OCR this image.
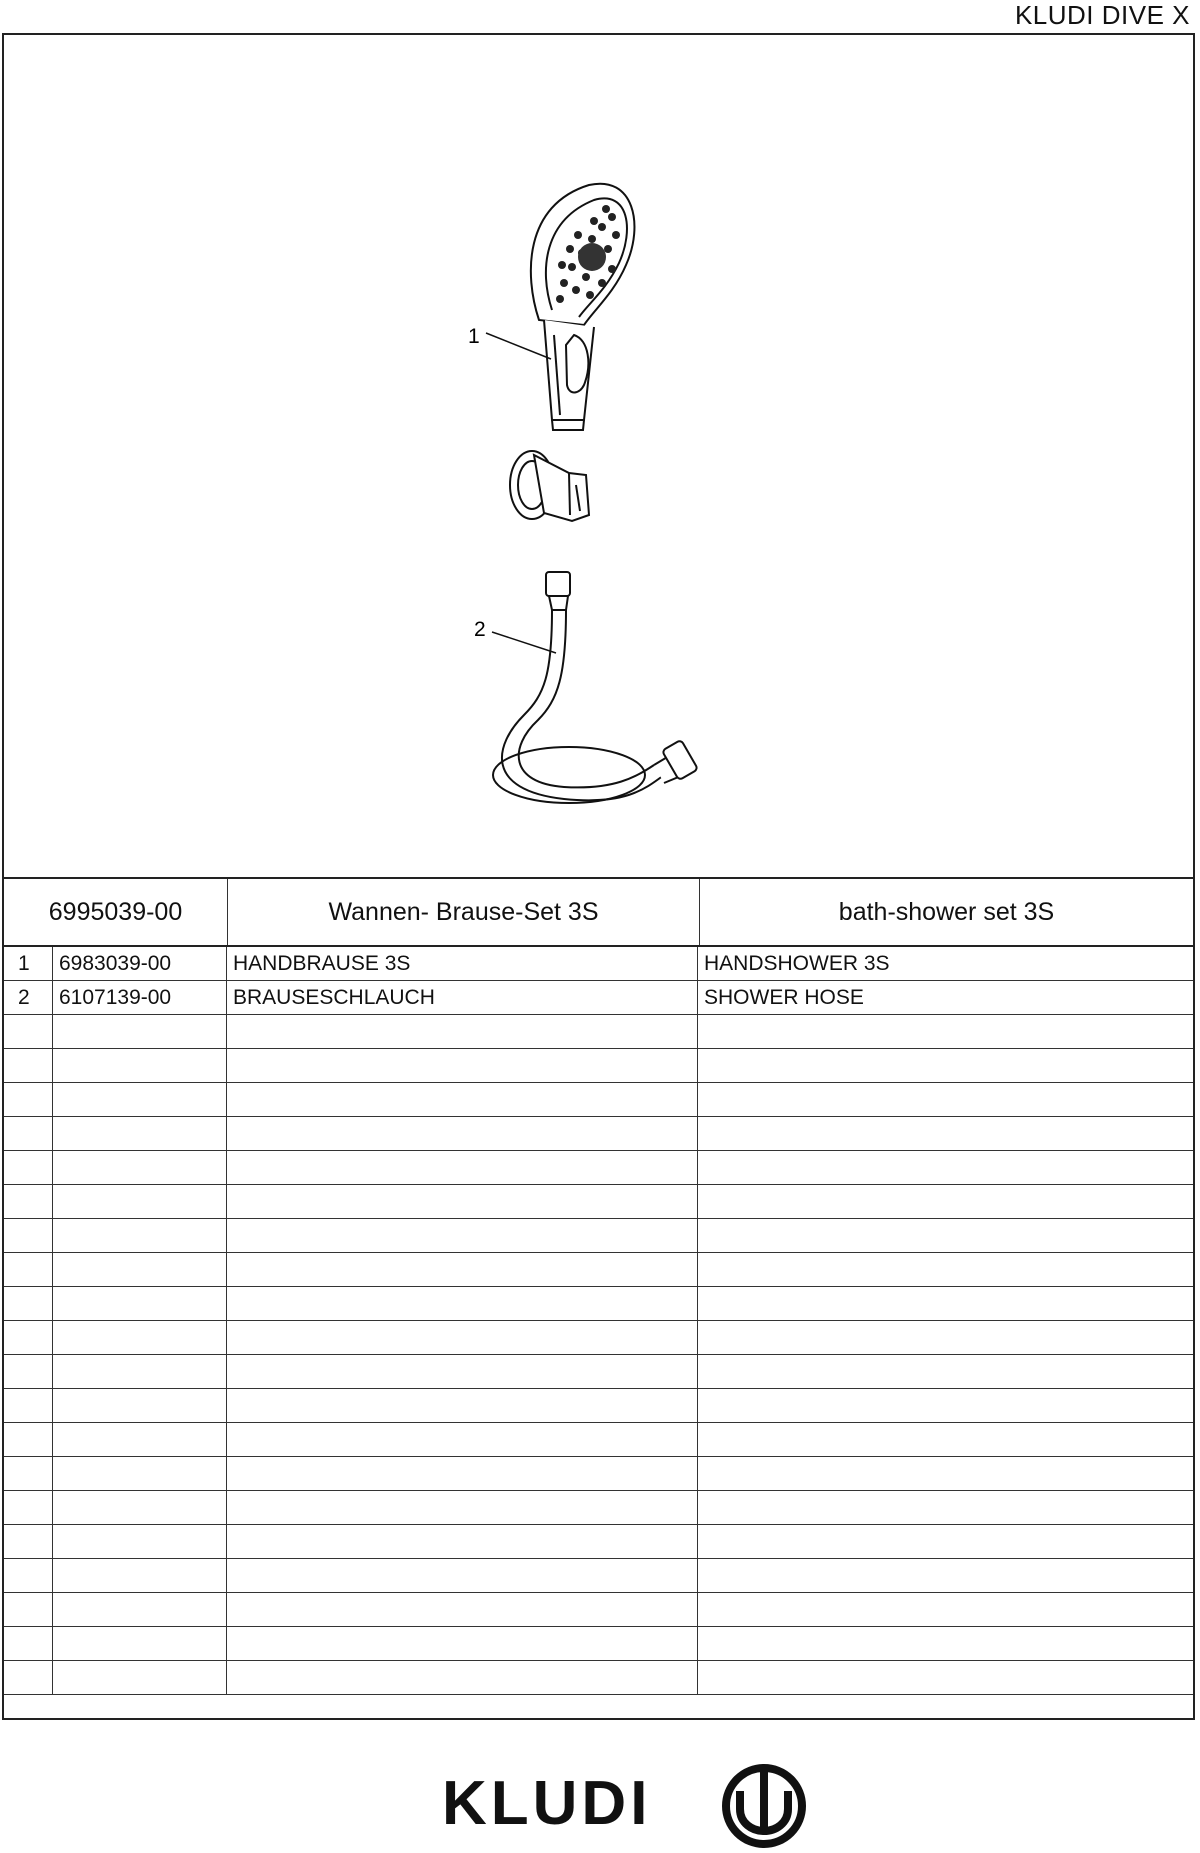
KLUDI DIVE X
1
2
6995039-00	Wannen- Brause-Set 3S	bath-shower set 3S
1	6983039-00	HANDBRAUSE 3S	HANDSHOWER 3S
2	6107139-00	BRAUSESCHLAUCH	SHOWER HOSE
KLUDI
